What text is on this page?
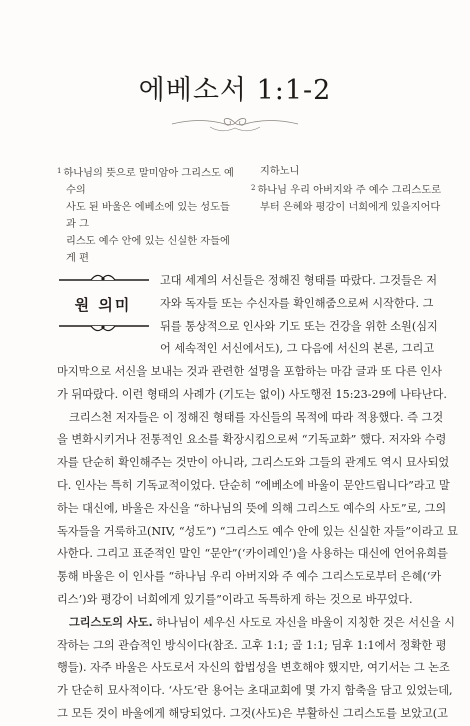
에베소서 1:1-2

$^1$ 하나님의 뜻으로 말미암아 그리스도 예수의

사도 된 바울은 에베소에 있는 성도들과 그

리스도 예수 안에 있는 신실한 자들에게 편

지하노니

$^2$ 하나님 우리 아버지와 주 예수 그리스도로

부터 은혜와 평강이 너희에게 있을지어다

원 의미

고대 세계의 서신들은 정해진 형태를 따랐다. 그것들은 저

자와 독자들 또는 수신자를 확인해줌으로써 시작한다. 그

뒤를 통상적으로 인사와 기도 또는 건강을 위한 소원(심지

어 세속적인 서신에서도), 그 다음에 서신의 본론, 그리고

마지막으로 서신을 보내는 것과 관련한 설명을 포함하는 마감 글과 또 다른 인사

가 뒤따랐다. 이런 형태의 사례가 (기도는 없이) 사도행전 15:23-29에 나타난다.

크리스천 저자들은 이 정해진 형태를 자신들의 목적에 따라 적용했다. 즉 그것

을 변화시키거나 전통적인 요소를 확장시킴으로써 “기독교화” 했다. 저자와 수령

자를 단순히 확인해주는 것만이 아니라, 그리스도와 그들의 관계도 역시 묘사되었

다. 인사는 특히 기독교적이었다. 단순히 “에베소에 바울이 문안드립니다”라고 말

하는 대신에, 바울은 자신을 “하나님의 뜻에 의해 그리스도 예수의 사도”로, 그의

독자들을 거룩하고(NIV, “성도”) “그리스도 예수 안에 있는 신실한 자들”이라고 묘

사한다. 그리고 표준적인 말인 “문안”(‘카이레인’)을 사용하는 대신에 언어유희를

통해 바울은 이 인사를 “하나님 우리 아버지와 주 예수 그리스도로부터 은혜(‘카

리스’)와 평강이 너희에게 있기를”이라고 독특하게 하는 것으로 바꾸었다.

그리스도의 사도. 하나님이 세우신 사도로 자신을 바울이 지칭한 것은 서신을 시

작하는 그의 관습적인 방식이다(참조. 고후 1:1; 골 1:1; 딤후 1:1에서 정확한 평

행들). 자주 바울은 사도로서 자신의 합법성을 변호해야 했지만, 여기서는 그 논조

가 단순히 묘사적이다. ‘사도’란 용어는 초대교회에 몇 가지 함축을 담고 있었는데,

그 모든 것이 바울에게 해당되었다. 그것(사도)은 부활하신 그리스도를 보았고(고
